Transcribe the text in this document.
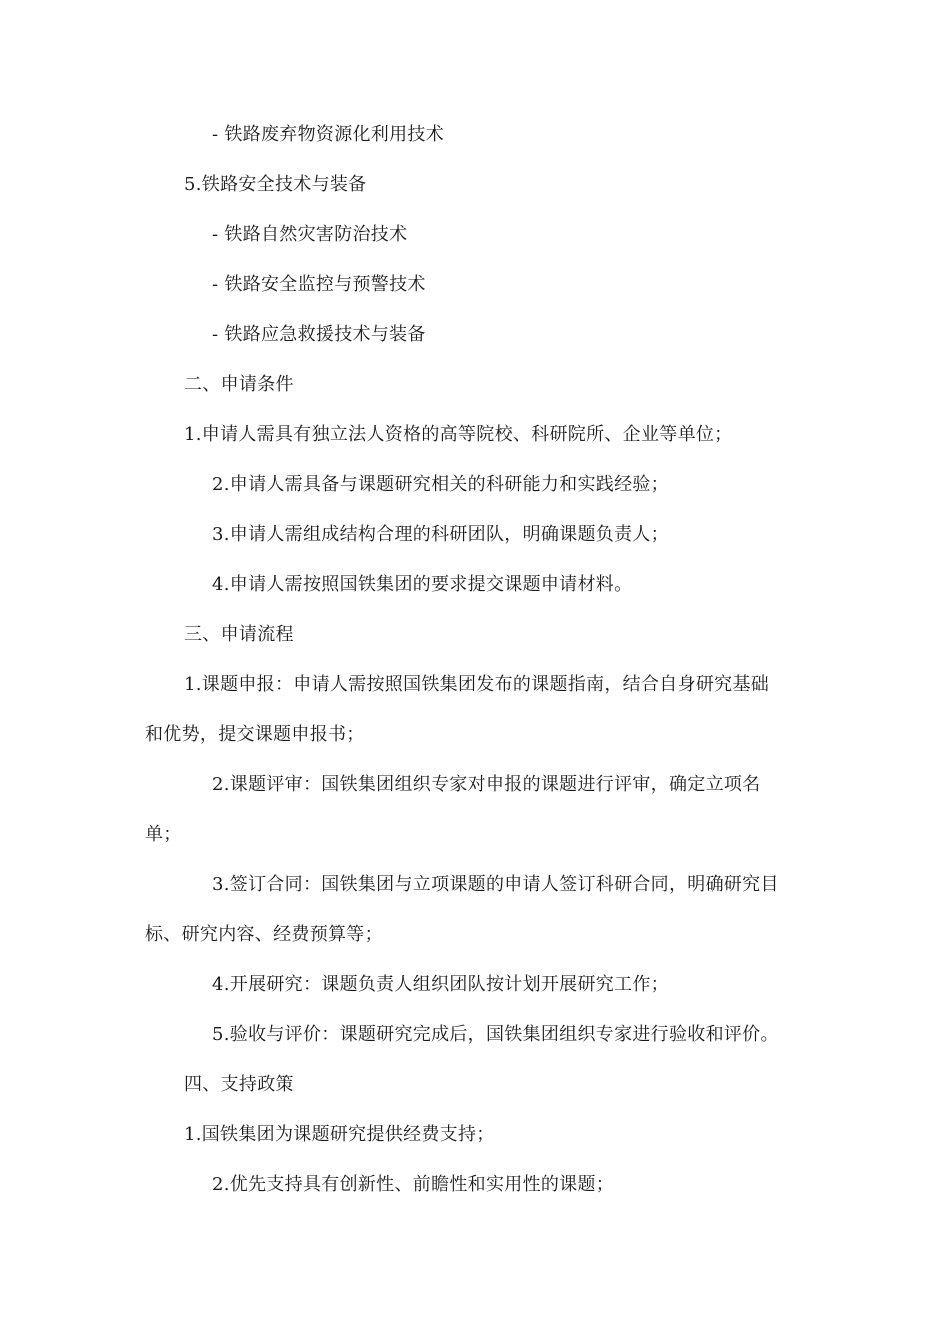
- 铁路废弃物资源化利用技术
5.铁路安全技术与装备
- 铁路自然灾害防治技术
- 铁路安全监控与预警技术
- 铁路应急救援技术与装备
二、申请条件
1.申请人需具有独立法人资格的高等院校、科研院所、企业等单位；
2.申请人需具备与课题研究相关的科研能力和实践经验；
3.申请人需组成结构合理的科研团队，明确课题负责人；
4.申请人需按照国铁集团的要求提交课题申请材料。
三、申请流程
1.课题申报：申请人需按照国铁集团发布的课题指南，结合自身研究基础
和优势，提交课题申报书；
2.课题评审：国铁集团组织专家对申报的课题进行评审，确定立项名
单；
3.签订合同：国铁集团与立项课题的申请人签订科研合同，明确研究目
标、研究内容、经费预算等；
4.开展研究：课题负责人组织团队按计划开展研究工作；
5.验收与评价：课题研究完成后，国铁集团组织专家进行验收和评价。
四、支持政策
1.国铁集团为课题研究提供经费支持；
2.优先支持具有创新性、前瞻性和实用性的课题；
